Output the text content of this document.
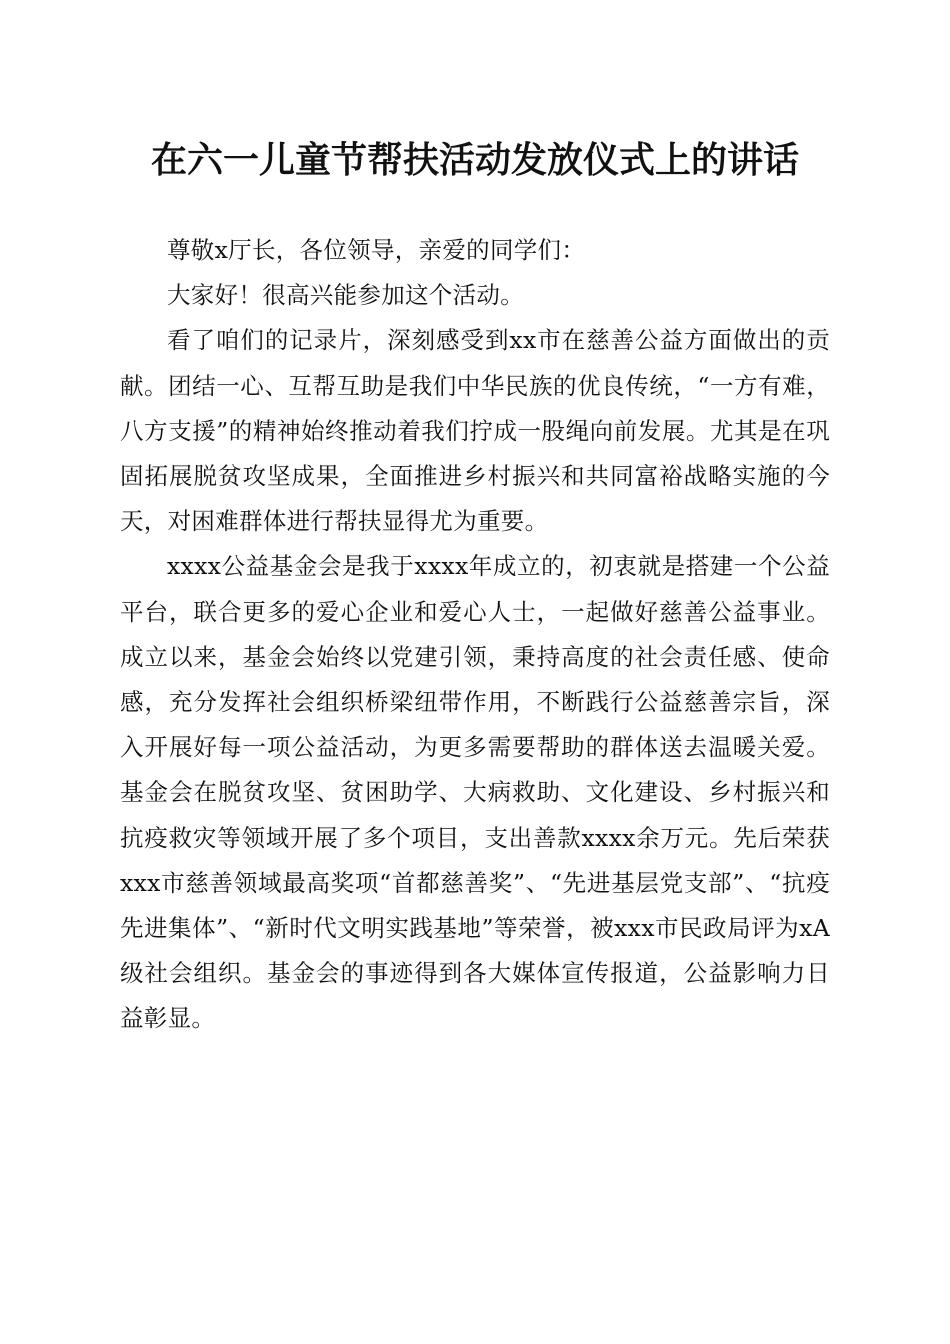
在六一儿童节帮扶活动发放仪式上的讲话

尊敬x厅长，各位领导，亲爱的同学们：

大家好！很高兴能参加这个活动。

看了咱们的记录片，深刻感受到xx市在慈善公益方面做出的贡献。团结一心、互帮互助是我们中华民族的优良传统，“一方有难，八方支援”的精神始终推动着我们拧成一股绳向前发展。尤其是在巩固拓展脱贫攻坚成果，全面推进乡村振兴和共同富裕战略实施的今天，对困难群体进行帮扶显得尤为重要。

xxxx公益基金会是我于xxxx年成立的，初衷就是搭建一个公益平台，联合更多的爱心企业和爱心人士，一起做好慈善公益事业。成立以来，基金会始终以党建引领，秉持高度的社会责任感、使命感，充分发挥社会组织桥梁纽带作用，不断践行公益慈善宗旨，深入开展好每一项公益活动，为更多需要帮助的群体送去温暖关爱。基金会在脱贫攻坚、贫困助学、大病救助、文化建设、乡村振兴和抗疫救灾等领域开展了多个项目，支出善款xxxx余万元。先后荣获xxx市慈善领域最高奖项“首都慈善奖”、“先进基层党支部”、“抗疫先进集体”、“新时代文明实践基地”等荣誉，被xxx市民政局评为xA级社会组织。基金会的事迹得到各大媒体宣传报道，公益影响力日益彰显。
